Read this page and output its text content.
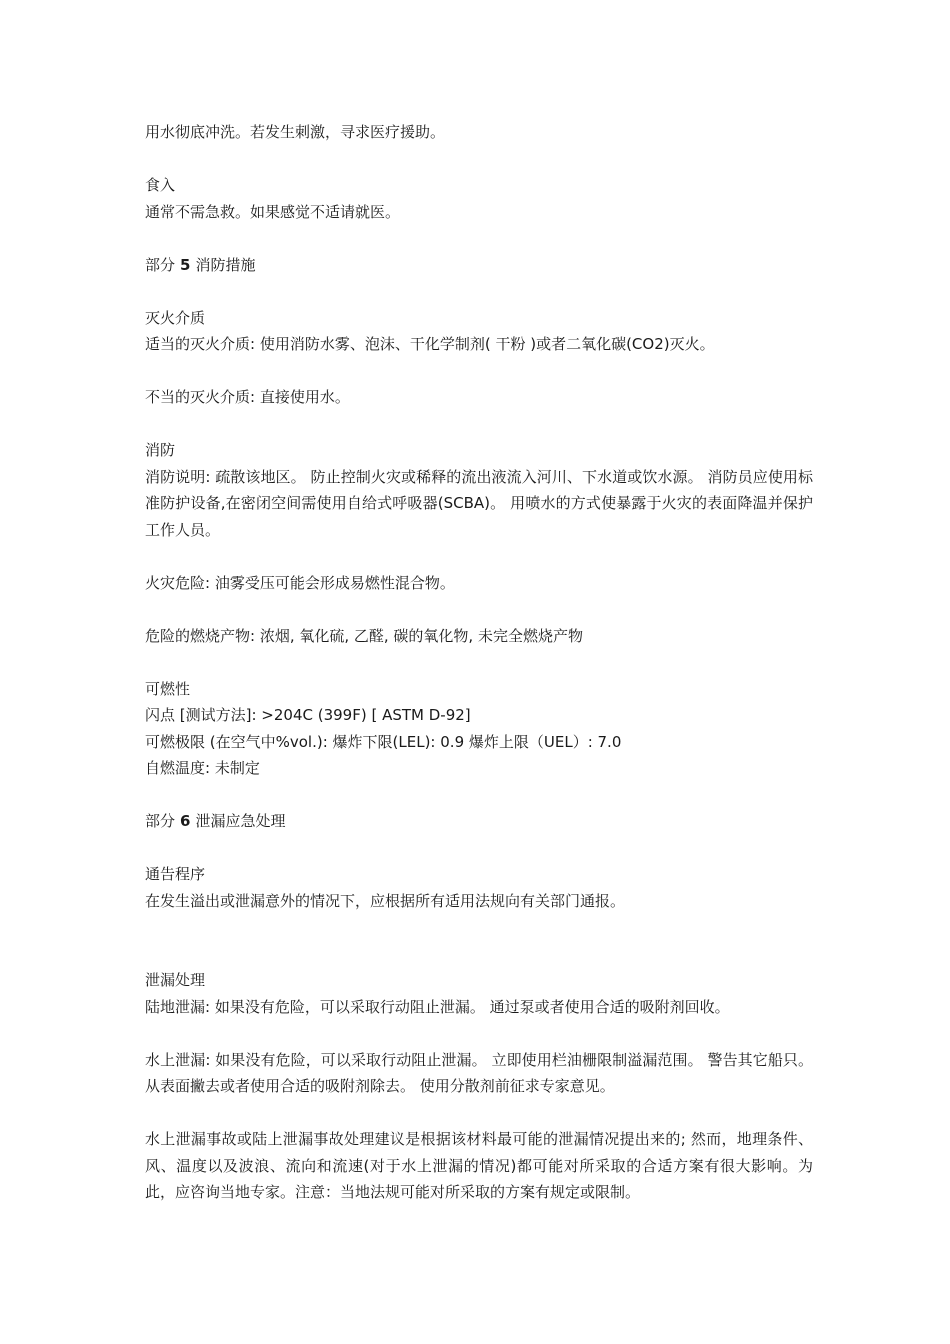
用水彻底冲洗。若发生刺激，寻求医疗援助。
食入
通常不需急救。如果感觉不适请就医。
部分 5 消防措施
灭火介质
适当的灭火介质: 使用消防水雾、泡沫、干化学制剂( 干粉 )或者二氧化碳(CO2)灭火。
不当的灭火介质: 直接使用水。
消防
消防说明: 疏散该地区。 防止控制火灾或稀释的流出液流入河川、下水道或饮水源。 消防员应使用标准防护设备,在密闭空间需使用自给式呼吸器(SCBA)。 用喷水的方式使暴露于火灾的表面降温并保护工作人员。
火灾危险: 油雾受压可能会形成易燃性混合物。
危险的燃烧产物: 浓烟, 氧化硫, 乙醛, 碳的氧化物, 未完全燃烧产物
可燃性
闪点 [测试方法]: >204C (399F) [ ASTM D-92]
可燃极限 (在空气中%vol.): 爆炸下限(LEL): 0.9 爆炸上限（UEL）: 7.0
自燃温度: 未制定
部分 6 泄漏应急处理
通告程序
在发生溢出或泄漏意外的情况下，应根据所有适用法规向有关部门通报。
泄漏处理
陆地泄漏: 如果没有危险，可以采取行动阻止泄漏。 通过泵或者使用合适的吸附剂回收。
水上泄漏: 如果没有危险，可以采取行动阻止泄漏。 立即使用栏油栅限制溢漏范围。 警告其它船只。 从表面撇去或者使用合适的吸附剂除去。 使用分散剂前征求专家意见。
水上泄漏事故或陆上泄漏事故处理建议是根据该材料最可能的泄漏情况提出来的; 然而，地理条件、风、温度以及波浪、流向和流速(对于水上泄漏的情况)都可能对所采取的合适方案有很大影响。为此，应咨询当地专家。注意：当地法规可能对所采取的方案有规定或限制。
